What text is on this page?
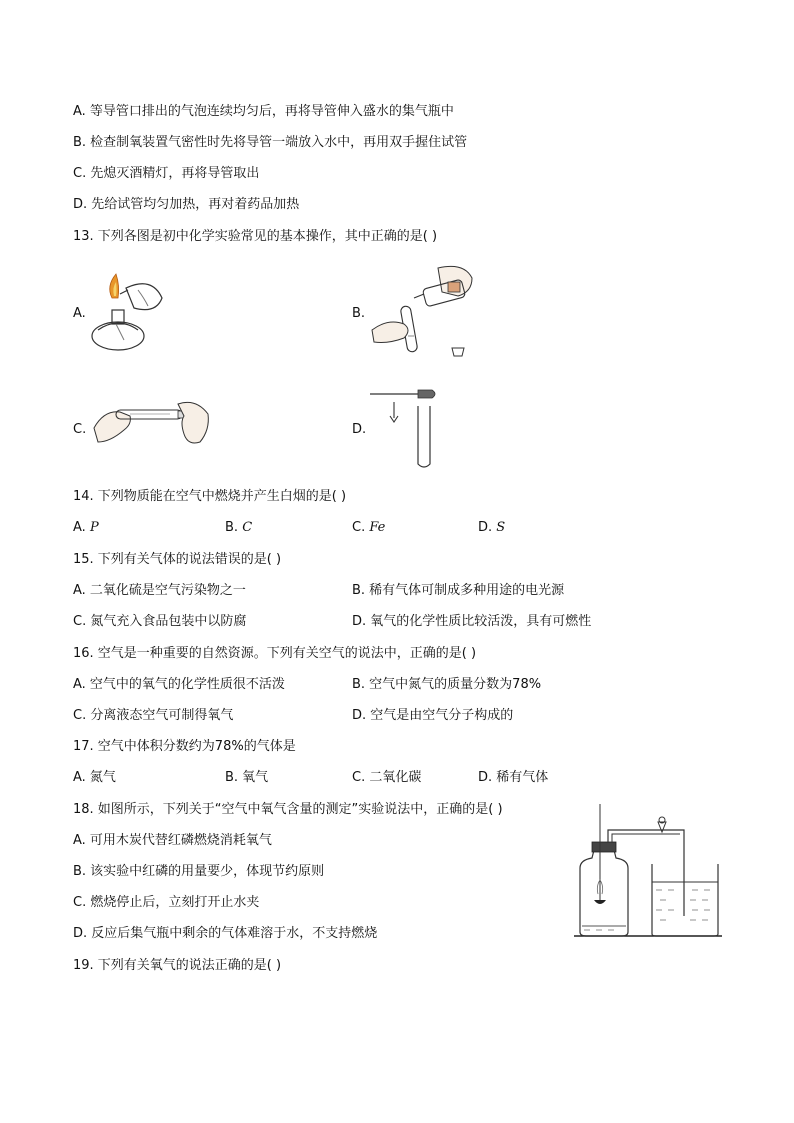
A. 等导管口排出的气泡连续均匀后，再将导管伸入盛水的集气瓶中
B. 检查制氧装置气密性时先将导管一端放入水中，再用双手握住试管
C. 先熄灭酒精灯，再将导管取出
D. 先给试管均匀加热，再对着药品加热
13. 下列各图是初中化学实验常见的基本操作，其中正确的是( )
A.	B.
C.	D.
14. 下列物质能在空气中燃烧并产生白烟的是( )
A. P	B. C	C. Fe	D. S
15. 下列有关气体的说法错误的是( )
A. 二氧化硫是空气污染物之一	B. 稀有气体可制成多种用途的电光源
C. 氮气充入食品包装中以防腐	D. 氧气的化学性质比较活泼，具有可燃性
16. 空气是一种重要的自然资源。下列有关空气的说法中，正确的是( )
A. 空气中的氧气的化学性质很不活泼	B. 空气中氮气的质量分数为78%
C. 分离液态空气可制得氧气	D. 空气是由空气分子构成的
17. 空气中体积分数约为78%的气体是
A. 氮气	B. 氧气	C. 二氧化碳	D. 稀有气体
18. 如图所示，下列关于“空气中氧气含量的测定”实验说法中，正确的是( )
A. 可用木炭代替红磷燃烧消耗氧气
B. 该实验中红磷的用量要少，体现节约原则
C. 燃烧停止后，立刻打开止水夹
D. 反应后集气瓶中剩余的气体难溶于水，不支持燃烧
19. 下列有关氧气的说法正确的是( )
